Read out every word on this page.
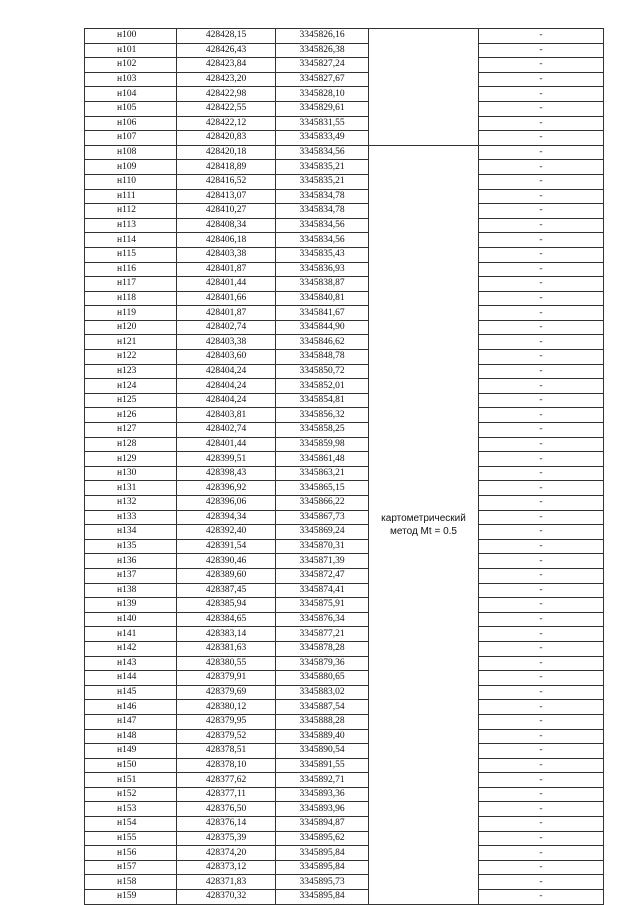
н100	428428,15	3345826,16		-
н101	428426,43	3345826,38		-
н102	428423,84	3345827,24		-
н103	428423,20	3345827,67		-
н104	428422,98	3345828,10		-
н105	428422,55	3345829,61		-
н106	428422,12	3345831,55		-
н107	428420,83	3345833,49		-
н108	428420,18	3345834,56	картометрический метод Mt = 0.5	-
н109	428418,89	3345835,21		-
н110	428416,52	3345835,21		-
н111	428413,07	3345834,78		-
н112	428410,27	3345834,78		-
н113	428408,34	3345834,56		-
н114	428406,18	3345834,56		-
н115	428403,38	3345835,43		-
н116	428401,87	3345836,93		-
н117	428401,44	3345838,87		-
н118	428401,66	3345840,81		-
н119	428401,87	3345841,67		-
н120	428402,74	3345844,90		-
н121	428403,38	3345846,62		-
н122	428403,60	3345848,78		-
н123	428404,24	3345850,72		-
н124	428404,24	3345852,01		-
н125	428404,24	3345854,81		-
н126	428403,81	3345856,32		-
н127	428402,74	3345858,25		-
н128	428401,44	3345859,98		-
н129	428399,51	3345861,48		-
н130	428398,43	3345863,21		-
н131	428396,92	3345865,15		-
н132	428396,06	3345866,22		-
н133	428394,34	3345867,73		-
н134	428392,40	3345869,24		-
н135	428391,54	3345870,31		-
н136	428390,46	3345871,39		-
н137	428389,60	3345872,47		-
н138	428387,45	3345874,41		-
н139	428385,94	3345875,91		-
н140	428384,65	3345876,34		-
н141	428383,14	3345877,21		-
н142	428381,63	3345878,28		-
н143	428380,55	3345879,36		-
н144	428379,91	3345880,65		-
н145	428379,69	3345883,02		-
н146	428380,12	3345887,54		-
н147	428379,95	3345888,28		-
н148	428379,52	3345889,40		-
н149	428378,51	3345890,54		-
н150	428378,10	3345891,55		-
н151	428377,62	3345892,71		-
н152	428377,11	3345893,36		-
н153	428376,50	3345893,96		-
н154	428376,14	3345894,87		-
н155	428375,39	3345895,62		-
н156	428374,20	3345895,84		-
н157	428373,12	3345895,84		-
н158	428371,83	3345895,73		-
н159	428370,32	3345895,84		-
